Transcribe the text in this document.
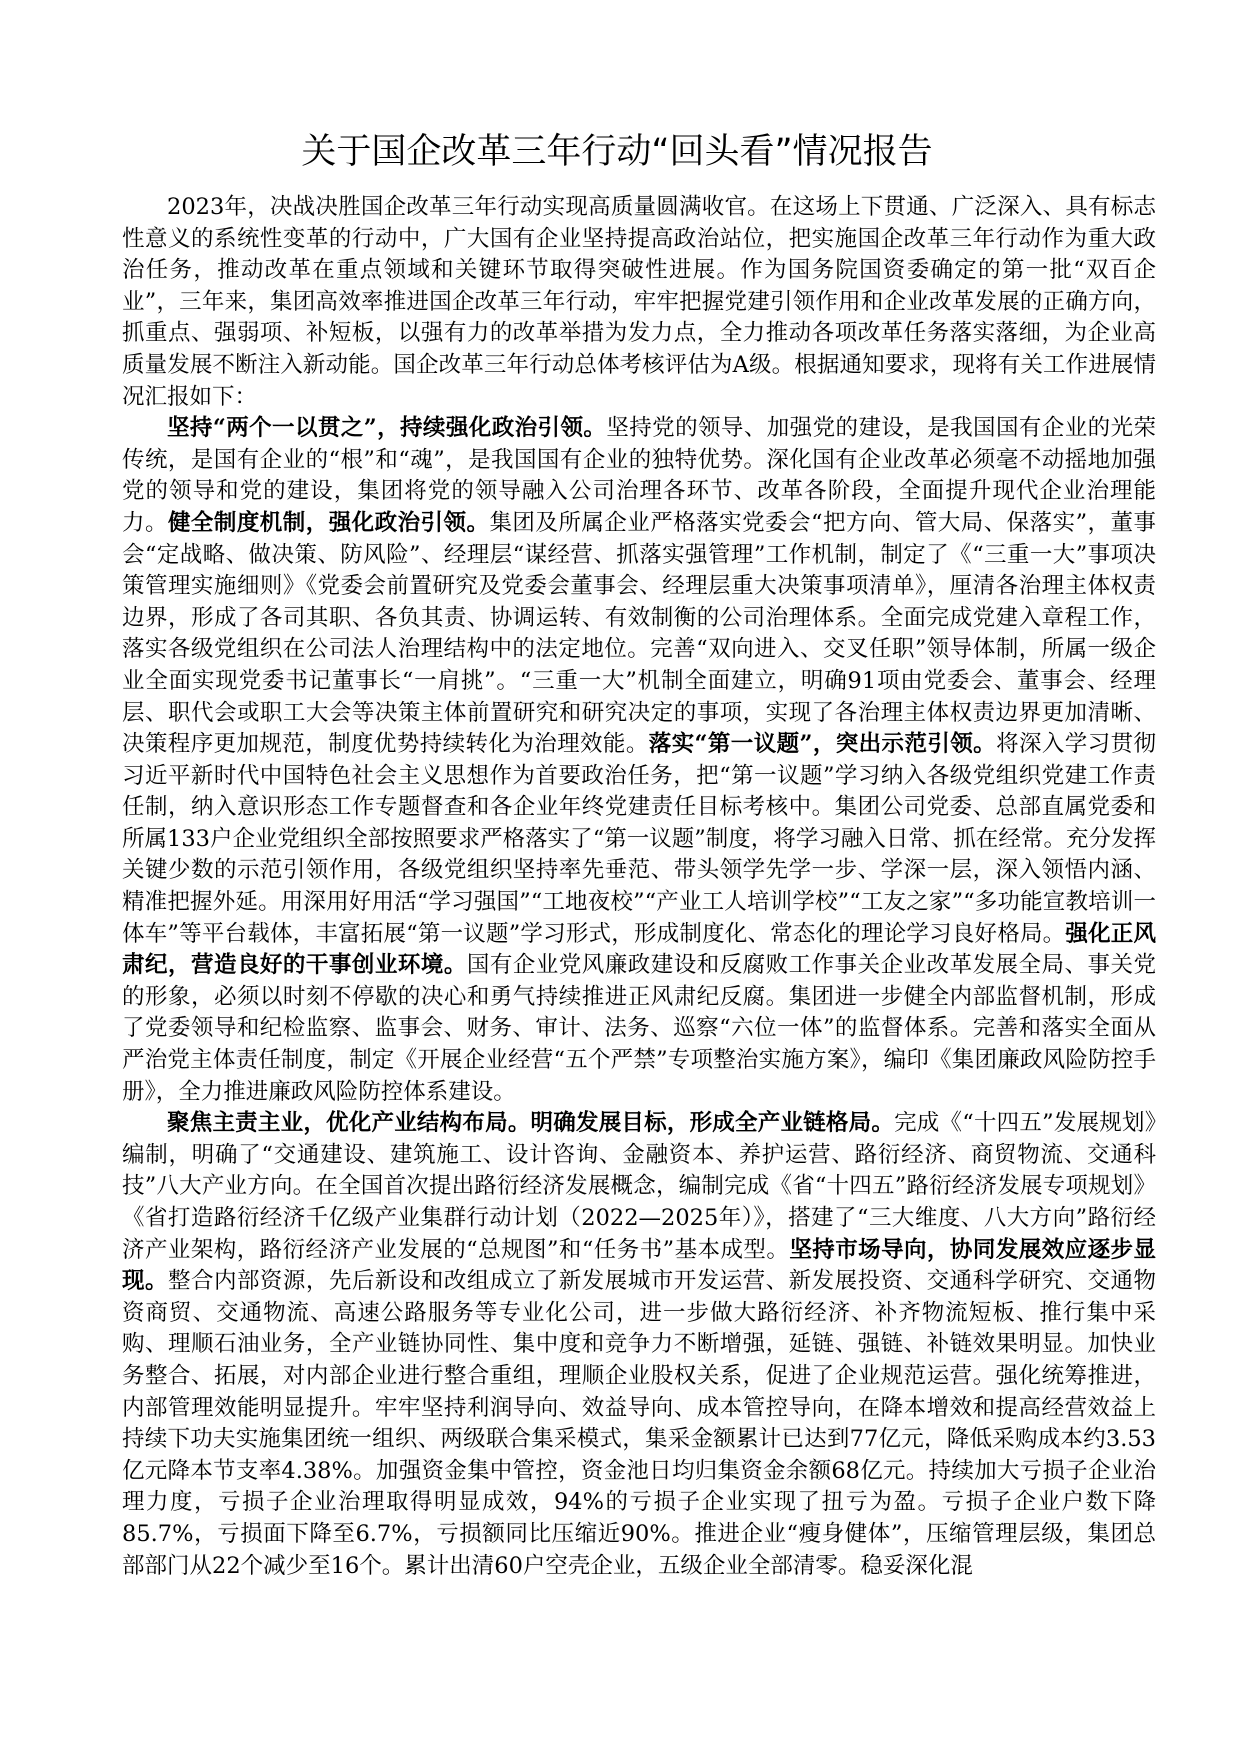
关于国企改革三年行动“回头看”情况报告

2023年，决战决胜国企改革三年行动实现高质量圆满收官。在这场上下贯通、广泛深入、具有标志性意义的系统性变革的行动中，广大国有企业坚持提高政治站位，把实施国企改革三年行动作为重大政治任务，推动改革在重点领域和关键环节取得突破性进展。作为国务院国资委确定的第一批“双百企业”，三年来，集团高效率推进国企改革三年行动，牢牢把握党建引领作用和企业改革发展的正确方向，抓重点、强弱项、补短板，以强有力的改革举措为发力点，全力推动各项改革任务落实落细，为企业高质量发展不断注入新动能。国企改革三年行动总体考核评估为A级。根据通知要求，现将有关工作进展情况汇报如下：

坚持“两个一以贯之”，持续强化政治引领。坚持党的领导、加强党的建设，是我国国有企业的光荣传统，是国有企业的“根”和“魂”，是我国国有企业的独特优势。深化国有企业改革必须毫不动摇地加强党的领导和党的建设，集团将党的领导融入公司治理各环节、改革各阶段，全面提升现代企业治理能力。健全制度机制，强化政治引领。集团及所属企业严格落实党委会“把方向、管大局、保落实”，董事会“定战略、做决策、防风险”、经理层“谋经营、抓落实强管理”工作机制，制定了《“三重一大”事项决策管理实施细则》《党委会前置研究及党委会董事会、经理层重大决策事项清单》，厘清各治理主体权责边界，形成了各司其职、各负其责、协调运转、有效制衡的公司治理体系。全面完成党建入章程工作，落实各级党组织在公司法人治理结构中的法定地位。完善“双向进入、交叉任职”领导体制，所属一级企业全面实现党委书记董事长“一肩挑”。“三重一大”机制全面建立，明确91项由党委会、董事会、经理层、职代会或职工大会等决策主体前置研究和研究决定的事项，实现了各治理主体权责边界更加清晰、决策程序更加规范，制度优势持续转化为治理效能。落实“第一议题”，突出示范引领。将深入学习贯彻习近平新时代中国特色社会主义思想作为首要政治任务，把“第一议题”学习纳入各级党组织党建工作责任制，纳入意识形态工作专题督查和各企业年终党建责任目标考核中。集团公司党委、总部直属党委和所属133户企业党组织全部按照要求严格落实了“第一议题”制度，将学习融入日常、抓在经常。充分发挥关键少数的示范引领作用，各级党组织坚持率先垂范、带头领学先学一步、学深一层，深入领悟内涵、精准把握外延。用深用好用活“学习强国”“工地夜校”“产业工人培训学校”“工友之家”“多功能宣教培训一体车”等平台载体，丰富拓展“第一议题”学习形式，形成制度化、常态化的理论学习良好格局。强化正风肃纪，营造良好的干事创业环境。国有企业党风廉政建设和反腐败工作事关企业改革发展全局、事关党的形象，必须以时刻不停歇的决心和勇气持续推进正风肃纪反腐。集团进一步健全内部监督机制，形成了党委领导和纪检监察、监事会、财务、审计、法务、巡察“六位一体”的监督体系。完善和落实全面从严治党主体责任制度，制定《开展企业经营“五个严禁”专项整治实施方案》，编印《集团廉政风险防控手册》，全力推进廉政风险防控体系建设。

聚焦主责主业，优化产业结构布局。明确发展目标，形成全产业链格局。完成《“十四五”发展规划》编制，明确了“交通建设、建筑施工、设计咨询、金融资本、养护运营、路衍经济、商贸物流、交通科技”八大产业方向。在全国首次提出路衍经济发展概念，编制完成《省“十四五”路衍经济发展专项规划》《省打造路衍经济千亿级产业集群行动计划（2022—2025年）》，搭建了“三大维度、八大方向”路衍经济产业架构，路衍经济产业发展的“总规图”和“任务书”基本成型。坚持市场导向，协同发展效应逐步显现。整合内部资源，先后新设和改组成立了新发展城市开发运营、新发展投资、交通科学研究、交通物资商贸、交通物流、高速公路服务等专业化公司，进一步做大路衍经济、补齐物流短板、推行集中采购、理顺石油业务，全产业链协同性、集中度和竞争力不断增强，延链、强链、补链效果明显。加快业务整合、拓展，对内部企业进行整合重组，理顺企业股权关系，促进了企业规范运营。强化统筹推进，内部管理效能明显提升。牢牢坚持利润导向、效益导向、成本管控导向，在降本增效和提高经营效益上持续下功夫实施集团统一组织、两级联合集采模式，集采金额累计已达到77亿元，降低采购成本约3.53亿元降本节支率4.38%。加强资金集中管控，资金池日均归集资金余额68亿元。持续加大亏损子企业治理力度，亏损子企业治理取得明显成效，94%的亏损子企业实现了扭亏为盈。亏损子企业户数下降85.7%，亏损面下降至6.7%，亏损额同比压缩近90%。推进企业“瘦身健体”，压缩管理层级，集团总部部门从22个减少至16个。累计出清60户空壳企业，五级企业全部清零。稳妥深化混
